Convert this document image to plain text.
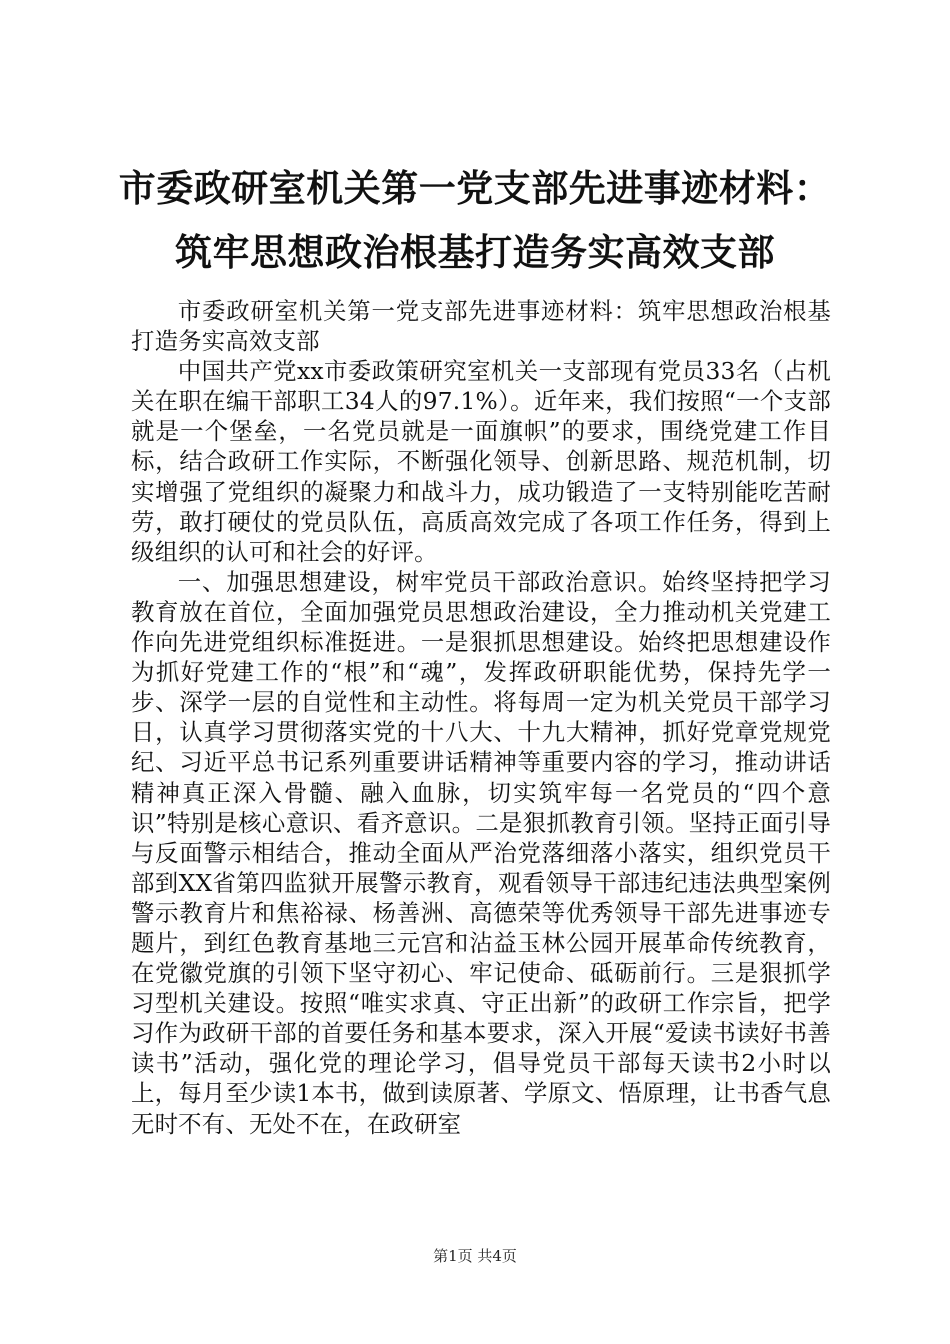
市委政研室机关第一党支部先进事迹材料：筑牢思想政治根基打造务实高效支部

市委政研室机关第一党支部先进事迹材料：筑牢思想政治根基打造务实高效支部

中国共产党xx市委政策研究室机关一支部现有党员33名（占机关在职在编干部职工34人的97.1%）。近年来，我们按照“一个支部就是一个堡垒，一名党员就是一面旗帜”的要求，围绕党建工作目标，结合政研工作实际，不断强化领导、创新思路、规范机制，切实增强了党组织的凝聚力和战斗力，成功锻造了一支特别能吃苦耐劳，敢打硬仗的党员队伍，高质高效完成了各项工作任务，得到上级组织的认可和社会的好评。

一、加强思想建设，树牢党员干部政治意识。始终坚持把学习教育放在首位，全面加强党员思想政治建设，全力推动机关党建工作向先进党组织标准挺进。一是狠抓思想建设。始终把思想建设作为抓好党建工作的“根”和“魂”，发挥政研职能优势，保持先学一步、深学一层的自觉性和主动性。将每周一定为机关党员干部学习日，认真学习贯彻落实党的十八大、十九大精神，抓好党章党规党纪、习近平总书记系列重要讲话精神等重要内容的学习，推动讲话精神真正深入骨髓、融入血脉，切实筑牢每一名党员的“四个意识”特别是核心意识、看齐意识。二是狠抓教育引领。坚持正面引导与反面警示相结合，推动全面从严治党落细落小落实，组织党员干部到XX省第四监狱开展警示教育，观看领导干部违纪违法典型案例警示教育片和焦裕禄、杨善洲、高德荣等优秀领导干部先进事迹专题片，到红色教育基地三元宫和沾益玉林公园开展革命传统教育，在党徽党旗的引领下坚守初心、牢记使命、砥砺前行。三是狠抓学习型机关建设。按照“唯实求真、守正出新”的政研工作宗旨，把学习作为政研干部的首要任务和基本要求，深入开展“爱读书读好书善读书”活动，强化党的理论学习，倡导党员干部每天读书2小时以上，每月至少读1本书，做到读原著、学原文、悟原理，让书香气息无时不有、无处不在，在政研室

第1页 共4页
